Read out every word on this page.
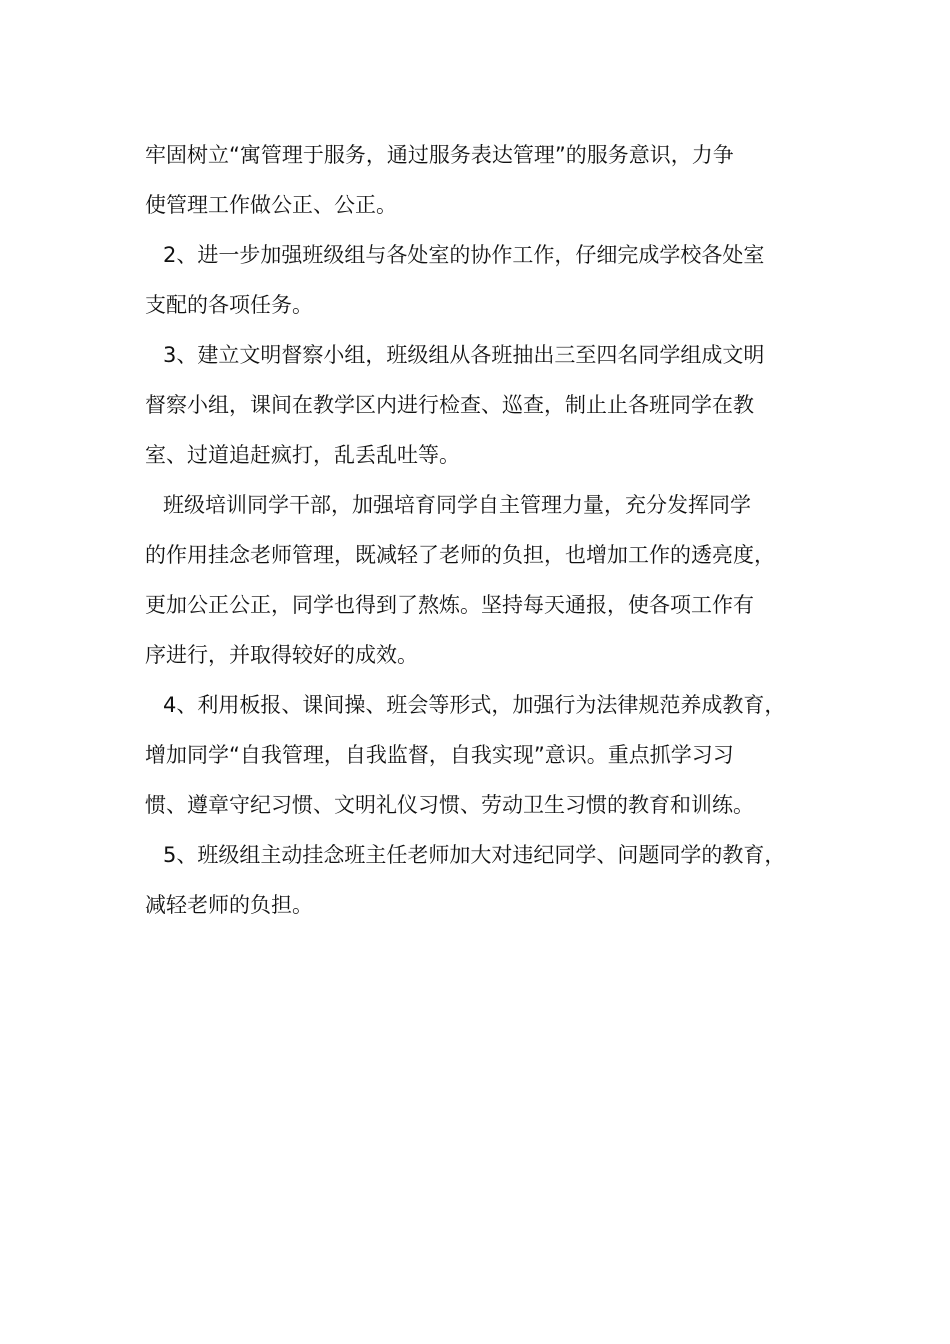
牢固树立“寓管理于服务，通过服务表达管理”的服务意识，力争
使管理工作做公正、公正。
2、进一步加强班级组与各处室的协作工作，仔细完成学校各处室
支配的各项任务。
3、建立文明督察小组，班级组从各班抽出三至四名同学组成文明
督察小组，课间在教学区内进行检查、巡查，制止止各班同学在教
室、过道追赶疯打，乱丢乱吐等。
班级培训同学干部，加强培育同学自主管理力量，充分发挥同学
的作用挂念老师管理，既减轻了老师的负担，也增加工作的透亮度，
更加公正公正，同学也得到了熬炼。坚持每天通报，使各项工作有
序进行，并取得较好的成效。
4、利用板报、课间操、班会等形式，加强行为法律规范养成教育，
增加同学“自我管理，自我监督，自我实现”意识。重点抓学习习
惯、遵章守纪习惯、文明礼仪习惯、劳动卫生习惯的教育和训练。
5、班级组主动挂念班主任老师加大对违纪同学、问题同学的教育，
减轻老师的负担。
